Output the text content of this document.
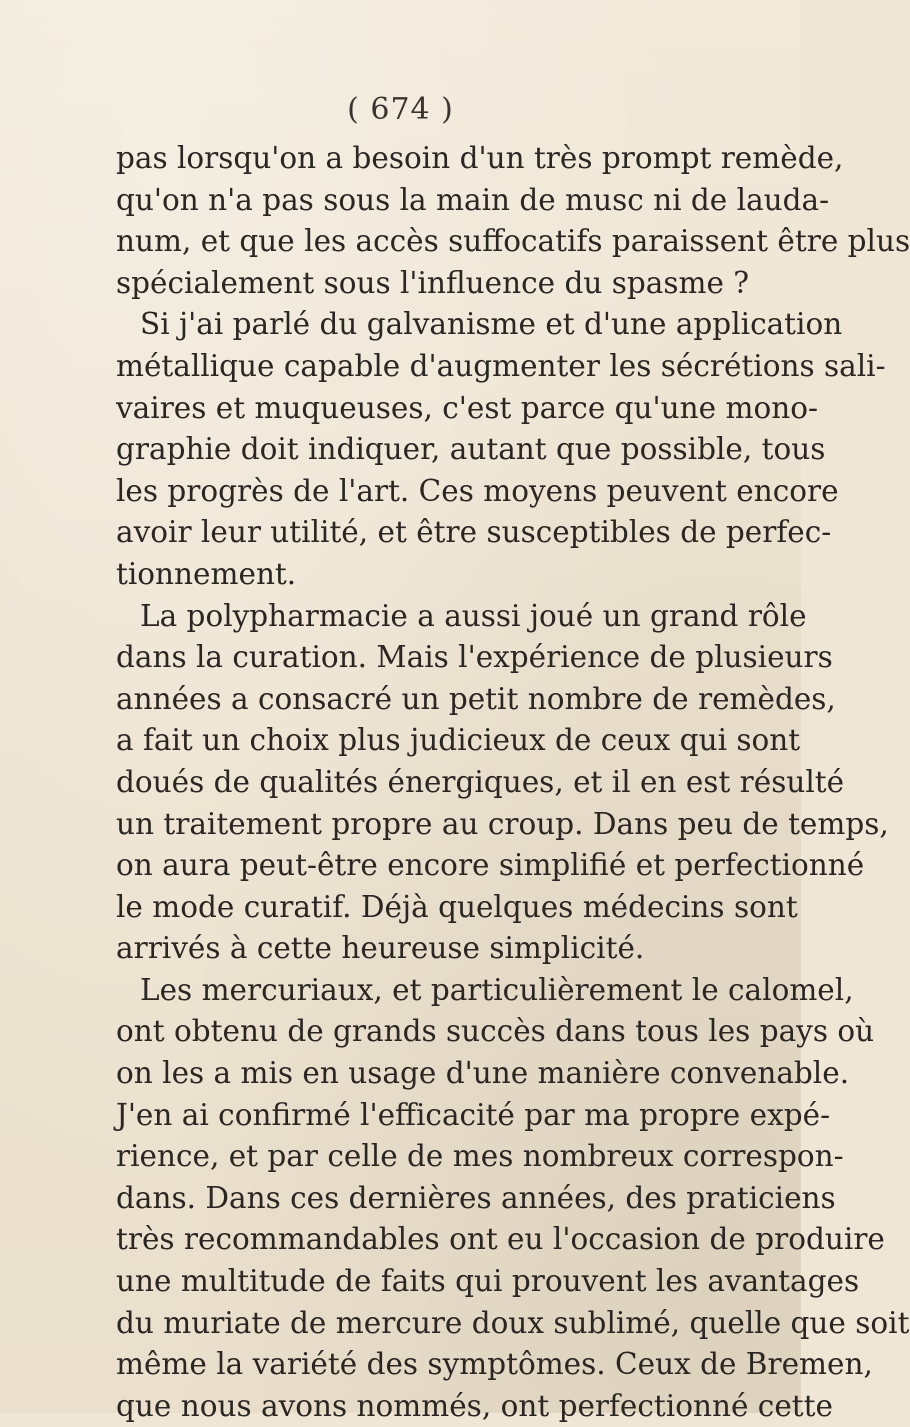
( 674 )
pas lorsqu'on a besoin d'un très prompt remède,
qu'on n'a pas sous la main de musc ni de lauda-
num, et que les accès suffocatifs paraissent être plus
spécialement sous l'influence du spasme ?
Si j'ai parlé du galvanisme et d'une application
métallique capable d'augmenter les sécrétions sali-
vaires et muqueuses, c'est parce qu'une mono-
graphie doit indiquer, autant que possible, tous
les progrès de l'art. Ces moyens peuvent encore
avoir leur utilité, et être susceptibles de perfec-
tionnement.
La polypharmacie a aussi joué un grand rôle
dans la curation. Mais l'expérience de plusieurs
années a consacré un petit nombre de remèdes,
a fait un choix plus judicieux de ceux qui sont
doués de qualités énergiques, et il en est résulté
un traitement propre au croup. Dans peu de temps,
on aura peut-être encore simplifié et perfectionné
le mode curatif. Déjà quelques médecins sont
arrivés à cette heureuse simplicité.
Les mercuriaux, et particulièrement le calomel,
ont obtenu de grands succès dans tous les pays où
on les a mis en usage d'une manière convenable.
J'en ai confirmé l'efficacité par ma propre expé-
rience, et par celle de mes nombreux correspon-
dans. Dans ces dernières années, des praticiens
très recommandables ont eu l'occasion de produire
une multitude de faits qui prouvent les avantages
du muriate de mercure doux sublimé, quelle que soit
même la variété des symptômes. Ceux de Bremen,
que nous avons nommés, ont perfectionné cette
